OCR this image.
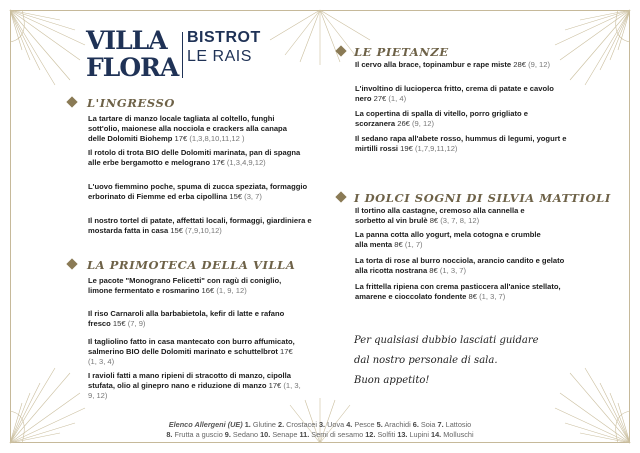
VILLA
FLORA
BISTROT
LE RAIS
L'INGRESSO
La tartare di manzo locale tagliata al coltello, funghi sott'olio, maionese alla nocciola e crackers alla canapa delle Dolomiti Biohemp 17€ (1,3,8,10,11,12 )
Il rotolo di trota BIO delle Dolomiti marinata, pan di spagna alle erbe bergamotto e melograno 17€ (1,3,4,9,12)
L'uovo fiemmino poche, spuma di zucca speziata, formaggio erborinato di Fiemme ed erba cipollina 15€ (3, 7)
Il nostro tortel di patate, affettati locali, formaggi, giardiniera e mostarda fatta in casa 15€ (7,9,10,12)
LA PRIMOTECA DELLA VILLA
Le pacote "Monograno Felicetti" con ragù di coniglio, limone fermentato e rosmarino 16€ (1, 9, 12)
Il riso Carnaroli alla barbabietola, kefir di latte e rafano fresco 15€ (7, 9)
Il tagliolino fatto in casa mantecato con burro affumicato, salmerino BIO delle Dolomiti marinato e schuttelbrot 17€ (1, 3, 4)
I ravioli fatti a mano ripieni di stracotto di manzo, cipolla stufata, olio al ginepro nano e riduzione di manzo 17€ (1, 3, 9, 12)
LE PIETANZE
Il cervo alla brace, topinambur e rape miste 28€ (9, 12)
L'involtino di lucioperca fritto, crema di patate e cavolo nero 27€ (1, 4)
La copertina di spalla di vitello, porro grigliato e scorzanera 26€ (9, 12)
Il sedano rapa all'abete rosso, hummus di legumi, yogurt e mirtilli rossi 19€ (1,7,9,11,12)
I DOLCI SOGNI DI SILVIA MATTIOLI
Il tortino alla castagne, cremoso alla cannella e sorbetto al vin brulè 8€ (3, 7, 8, 12)
La panna cotta allo yogurt, mela cotogna e crumble alla menta 8€ (1, 7)
La torta di rose al burro nocciola, arancio candito e gelato alla ricotta nostrana 8€ (1, 3, 7)
La frittella ripiena con crema pasticcera all'anice stellato, amarene e cioccolato fondente 8€ (1, 3, 7)
Per qualsiasi dubbio lasciati guidare
dal nostro personale di sala.
Buon appetito!
Elenco Allergeni (UE) 1. Glutine 2. Crostacei 3. Uova 4. Pesce 5. Arachidi 6. Soia 7. Lattosio
8. Frutta a guscio 9. Sedano 10. Senape 11. Semi di sesamo 12. Solfiti 13. Lupini 14. Molluschi
